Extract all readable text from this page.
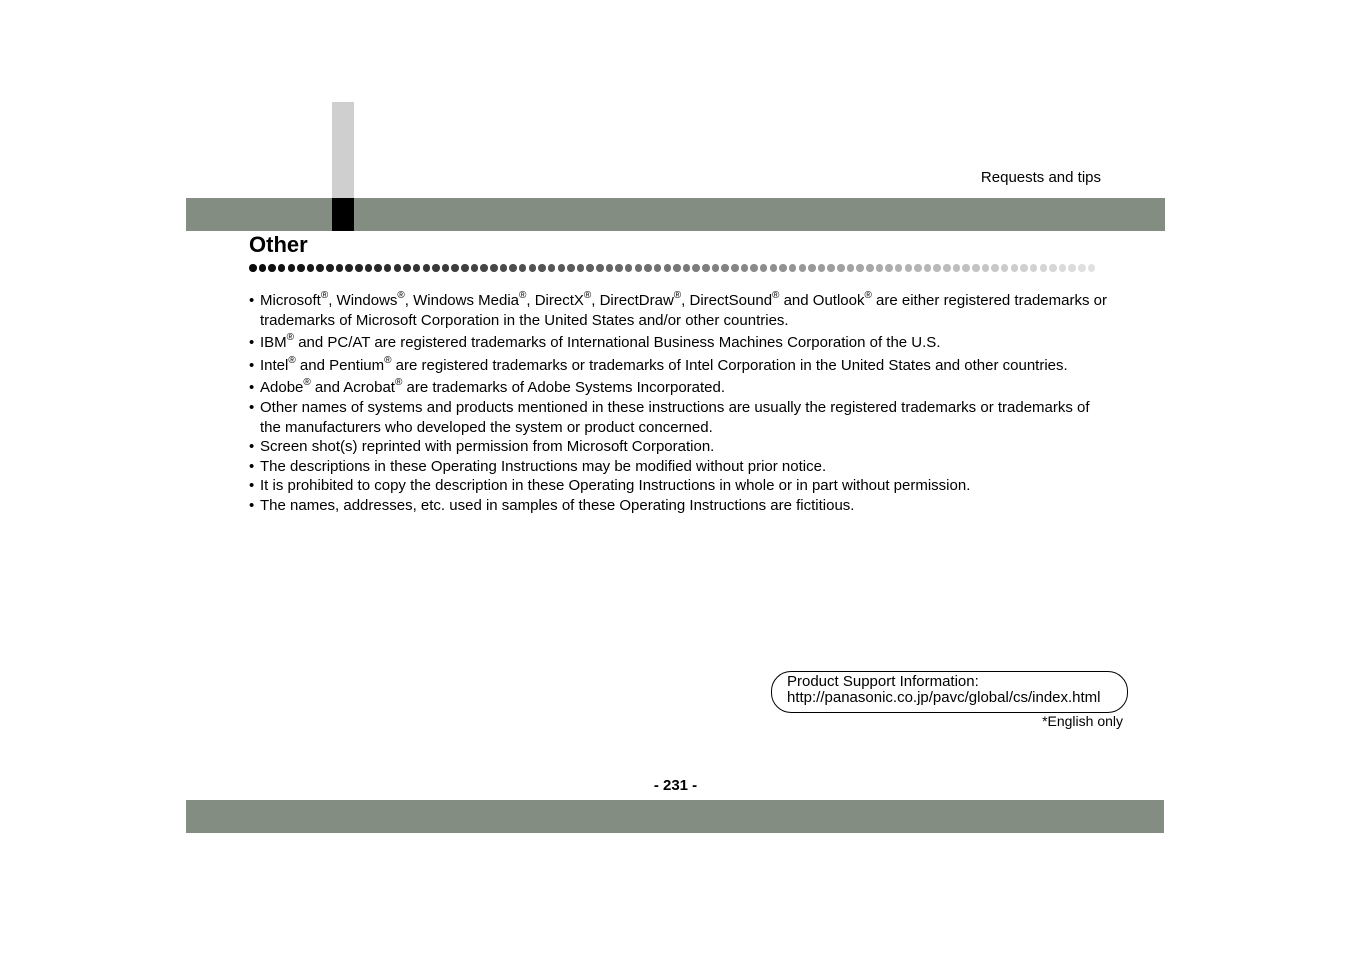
Requests and tips
Other
• Microsoft®, Windows®, Windows Media®, DirectX®, DirectDraw®, DirectSound® and Outlook® are either registered trademarks or trademarks of Microsoft Corporation in the United States and/or other countries.
• IBM® and PC/AT are registered trademarks of International Business Machines Corporation of the U.S.
• Intel® and Pentium® are registered trademarks or trademarks of Intel Corporation in the United States and other countries.
• Adobe® and Acrobat® are trademarks of Adobe Systems Incorporated.
• Other names of systems and products mentioned in these instructions are usually the registered trademarks or trademarks of the manufacturers who developed the system or product concerned.
• Screen shot(s) reprinted with permission from Microsoft Corporation.
• The descriptions in these Operating Instructions may be modified without prior notice.
• It is prohibited to copy the description in these Operating Instructions in whole or in part without permission.
• The names, addresses, etc. used in samples of these Operating Instructions are fictitious.
Product Support Information:
http://panasonic.co.jp/pavc/global/cs/index.html
*English only
- 231 -
